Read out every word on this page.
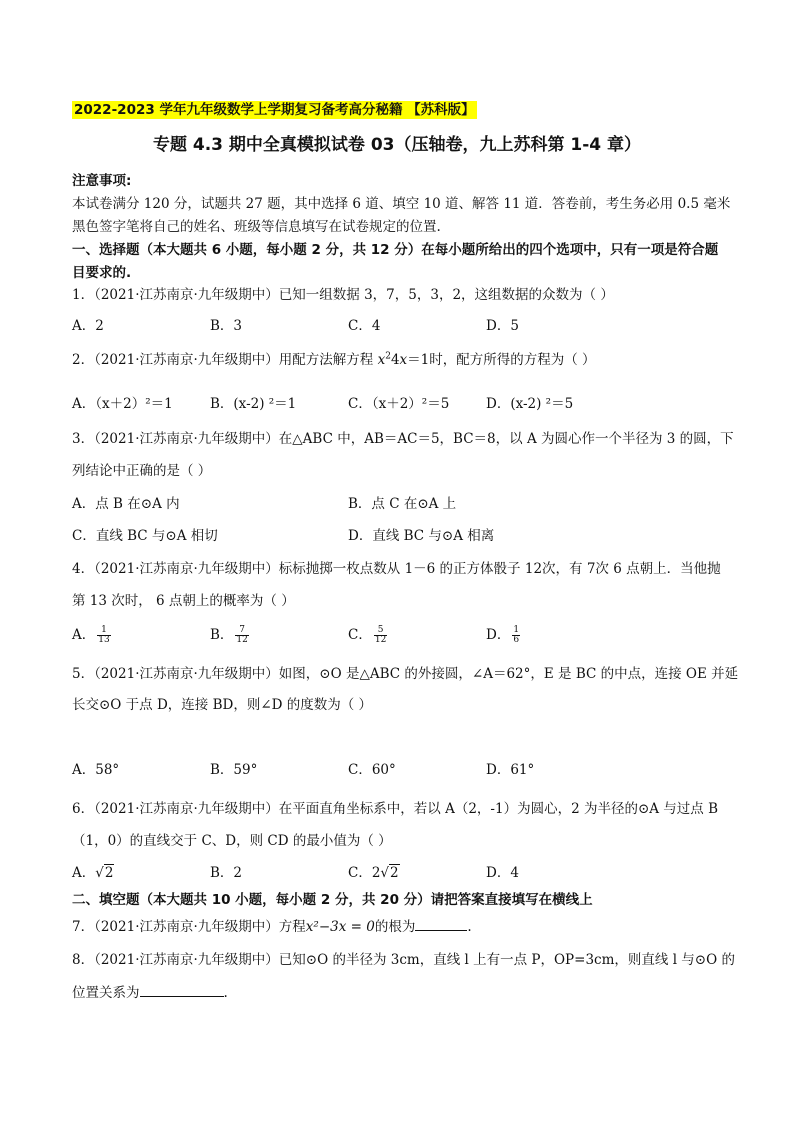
2022-2023 学年九年级数学上学期复习备考高分秘籍 【苏科版】
专题 4.3 期中全真模拟试卷 03（压轴卷，九上苏科第 1-4 章）
注意事项:
本试卷满分 120 分，试题共 27 题，其中选择 6 道、填空 10 道、解答 11 道．答卷前，考生务必用 0.5 毫米
黑色签字笔将自己的姓名、班级等信息填写在试卷规定的位置.
一、选择题（本大题共 6 小题，每小题 2 分，共 12 分）在每小题所给出的四个选项中，只有一项是符合题
目要求的.
1．（2021·江苏南京·九年级期中）已知一组数据 3，7，5，3，2，这组数据的众数为（ ）
A．2	B．3	C．4	D．5
2．（2021·江苏南京·九年级期中）用配方法解方程 $x^24x=1$时，配方所得的方程为（ ）
A．（x＋2）²＝1	B．(x-2) ²＝1	C．（x＋2）²＝5	D．(x-2) ²＝5
3．（2021·江苏南京·九年级期中）在△ABC 中，AB＝AC＝5，BC＝8，以 A 为圆心作一个半径为 3 的圆，下
列结论中正确的是（ ）
A．点 B 在⊙A 内	B．点 C 在⊙A 上
C．直线 BC 与⊙A 相切	D．直线 BC 与⊙A 相离
4．（2021·江苏南京·九年级期中）标标抛掷一枚点数从 1－6 的正方体骰子 12次，有 7次 6 点朝上．当他抛
第 13 次时， 6 点朝上的概率为（ ）
A． $\frac{1}{13}$	B． $\frac{7}{12}$	C． $\frac{5}{12}$	D． $\frac{1}{6}$
5．（2021·江苏南京·九年级期中）如图，⊙O 是△ABC 的外接圆，∠A＝62°，E 是 BC 的中点，连接 OE 并延
长交⊙O 于点 D，连接 BD，则∠D 的度数为（ ）
A．58°	B．59°	C．60°	D．61°
6．（2021·江苏南京·九年级期中）在平面直角坐标系中，若以 A（2，-1）为圆心，2 为半径的⊙A 与过点 B
（1，0）的直线交于 C、D，则 CD 的最小值为（ ）
A．√2	B．2	C．2√2	D．4
二、填空题（本大题共 10 小题，每小题 2 分，共 20 分）请把答案直接填写在横线上
7．（2021·江苏南京·九年级期中）方程x²−3x = 0的根为	.
8．（2021·江苏南京·九年级期中）已知⊙O 的半径为 3cm，直线 l 上有一点 P，OP=3cm，则直线 l 与⊙O 的
位置关系为	.
